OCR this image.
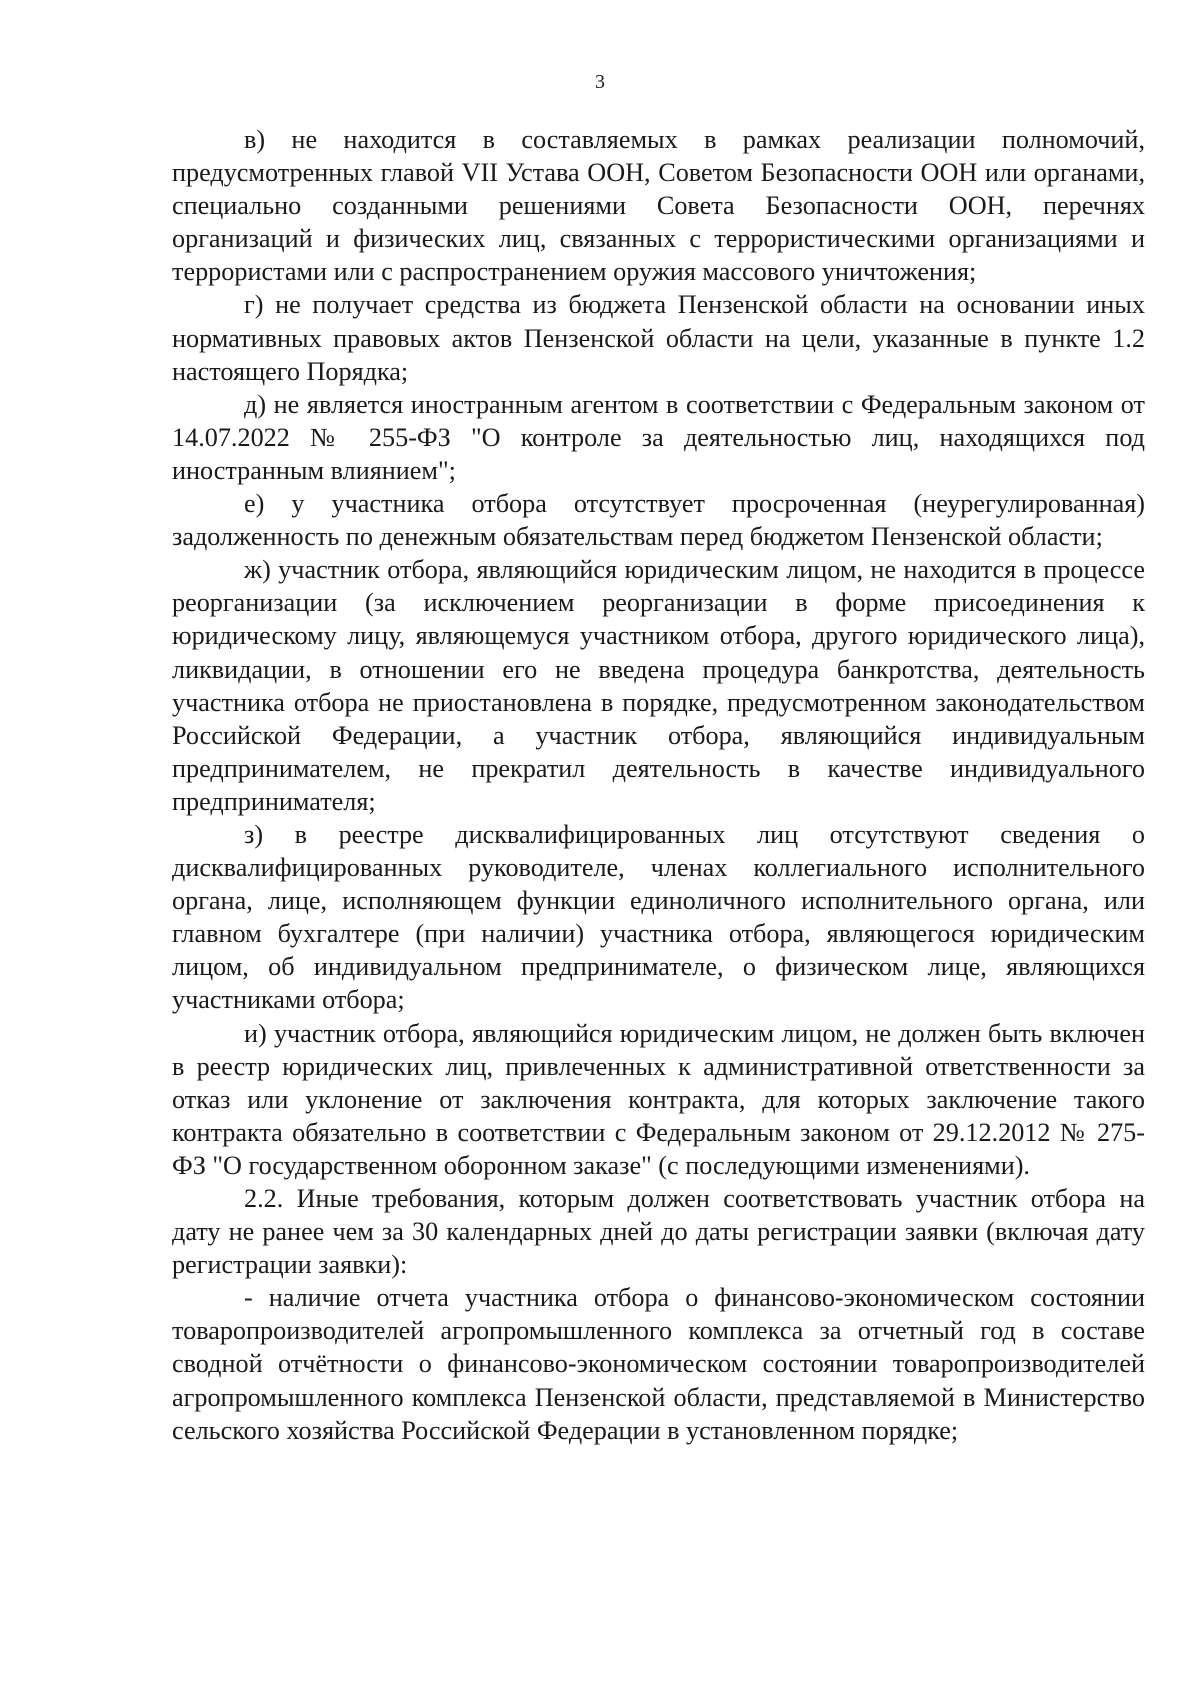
3

в) не находится в составляемых в рамках реализации полномочий, предусмотренных главой VII Устава ООН, Советом Безопасности ООН или органами, специально созданными решениями Совета Безопасности ООН, перечнях организаций и физических лиц, связанных с террористическими организациями и террористами или с распространением оружия массового уничтожения;

г) не получает средства из бюджета Пензенской области на основании иных нормативных правовых актов Пензенской области на цели, указанные в пункте 1.2 настоящего Порядка;

д) не является иностранным агентом в соответствии с Федеральным законом от 14.07.2022 № 255-ФЗ "О контроле за деятельностью лиц, находящихся под иностранным влиянием";

е) у участника отбора отсутствует просроченная (неурегулированная) задолженность по денежным обязательствам перед бюджетом Пензенской области;

ж) участник отбора, являющийся юридическим лицом, не находится в процессе реорганизации (за исключением реорганизации в форме присоединения к юридическому лицу, являющемуся участником отбора, другого юридического лица), ликвидации, в отношении его не введена процедура банкротства, деятельность участника отбора не приостановлена в порядке, предусмотренном законодательством Российской Федерации, а участник отбора, являющийся индивидуальным предпринимателем, не прекратил деятельность в качестве индивидуального предпринимателя;

з) в реестре дисквалифицированных лиц отсутствуют сведения о дисквалифицированных руководителе, членах коллегиального исполнительного органа, лице, исполняющем функции единоличного исполнительного органа, или главном бухгалтере (при наличии) участника отбора, являющегося юридическим лицом, об индивидуальном предпринимателе, о физическом лице, являющихся участниками отбора;

и) участник отбора, являющийся юридическим лицом, не должен быть включен в реестр юридических лиц, привлеченных к административной ответственности за отказ или уклонение от заключения контракта, для которых заключение такого контракта обязательно в соответствии с Федеральным законом от 29.12.2012 № 275-ФЗ "О государственном оборонном заказе" (с последующими изменениями).

2.2. Иные требования, которым должен соответствовать участник отбора на дату не ранее чем за 30 календарных дней до даты регистрации заявки (включая дату регистрации заявки):

- наличие отчета участника отбора о финансово-экономическом состоянии товаропроизводителей агропромышленного комплекса за отчетный год в составе сводной отчётности о финансово-экономическом состоянии товаропроизводителей агропромышленного комплекса Пензенской области, представляемой в Министерство сельского хозяйства Российской Федерации в установленном порядке;
